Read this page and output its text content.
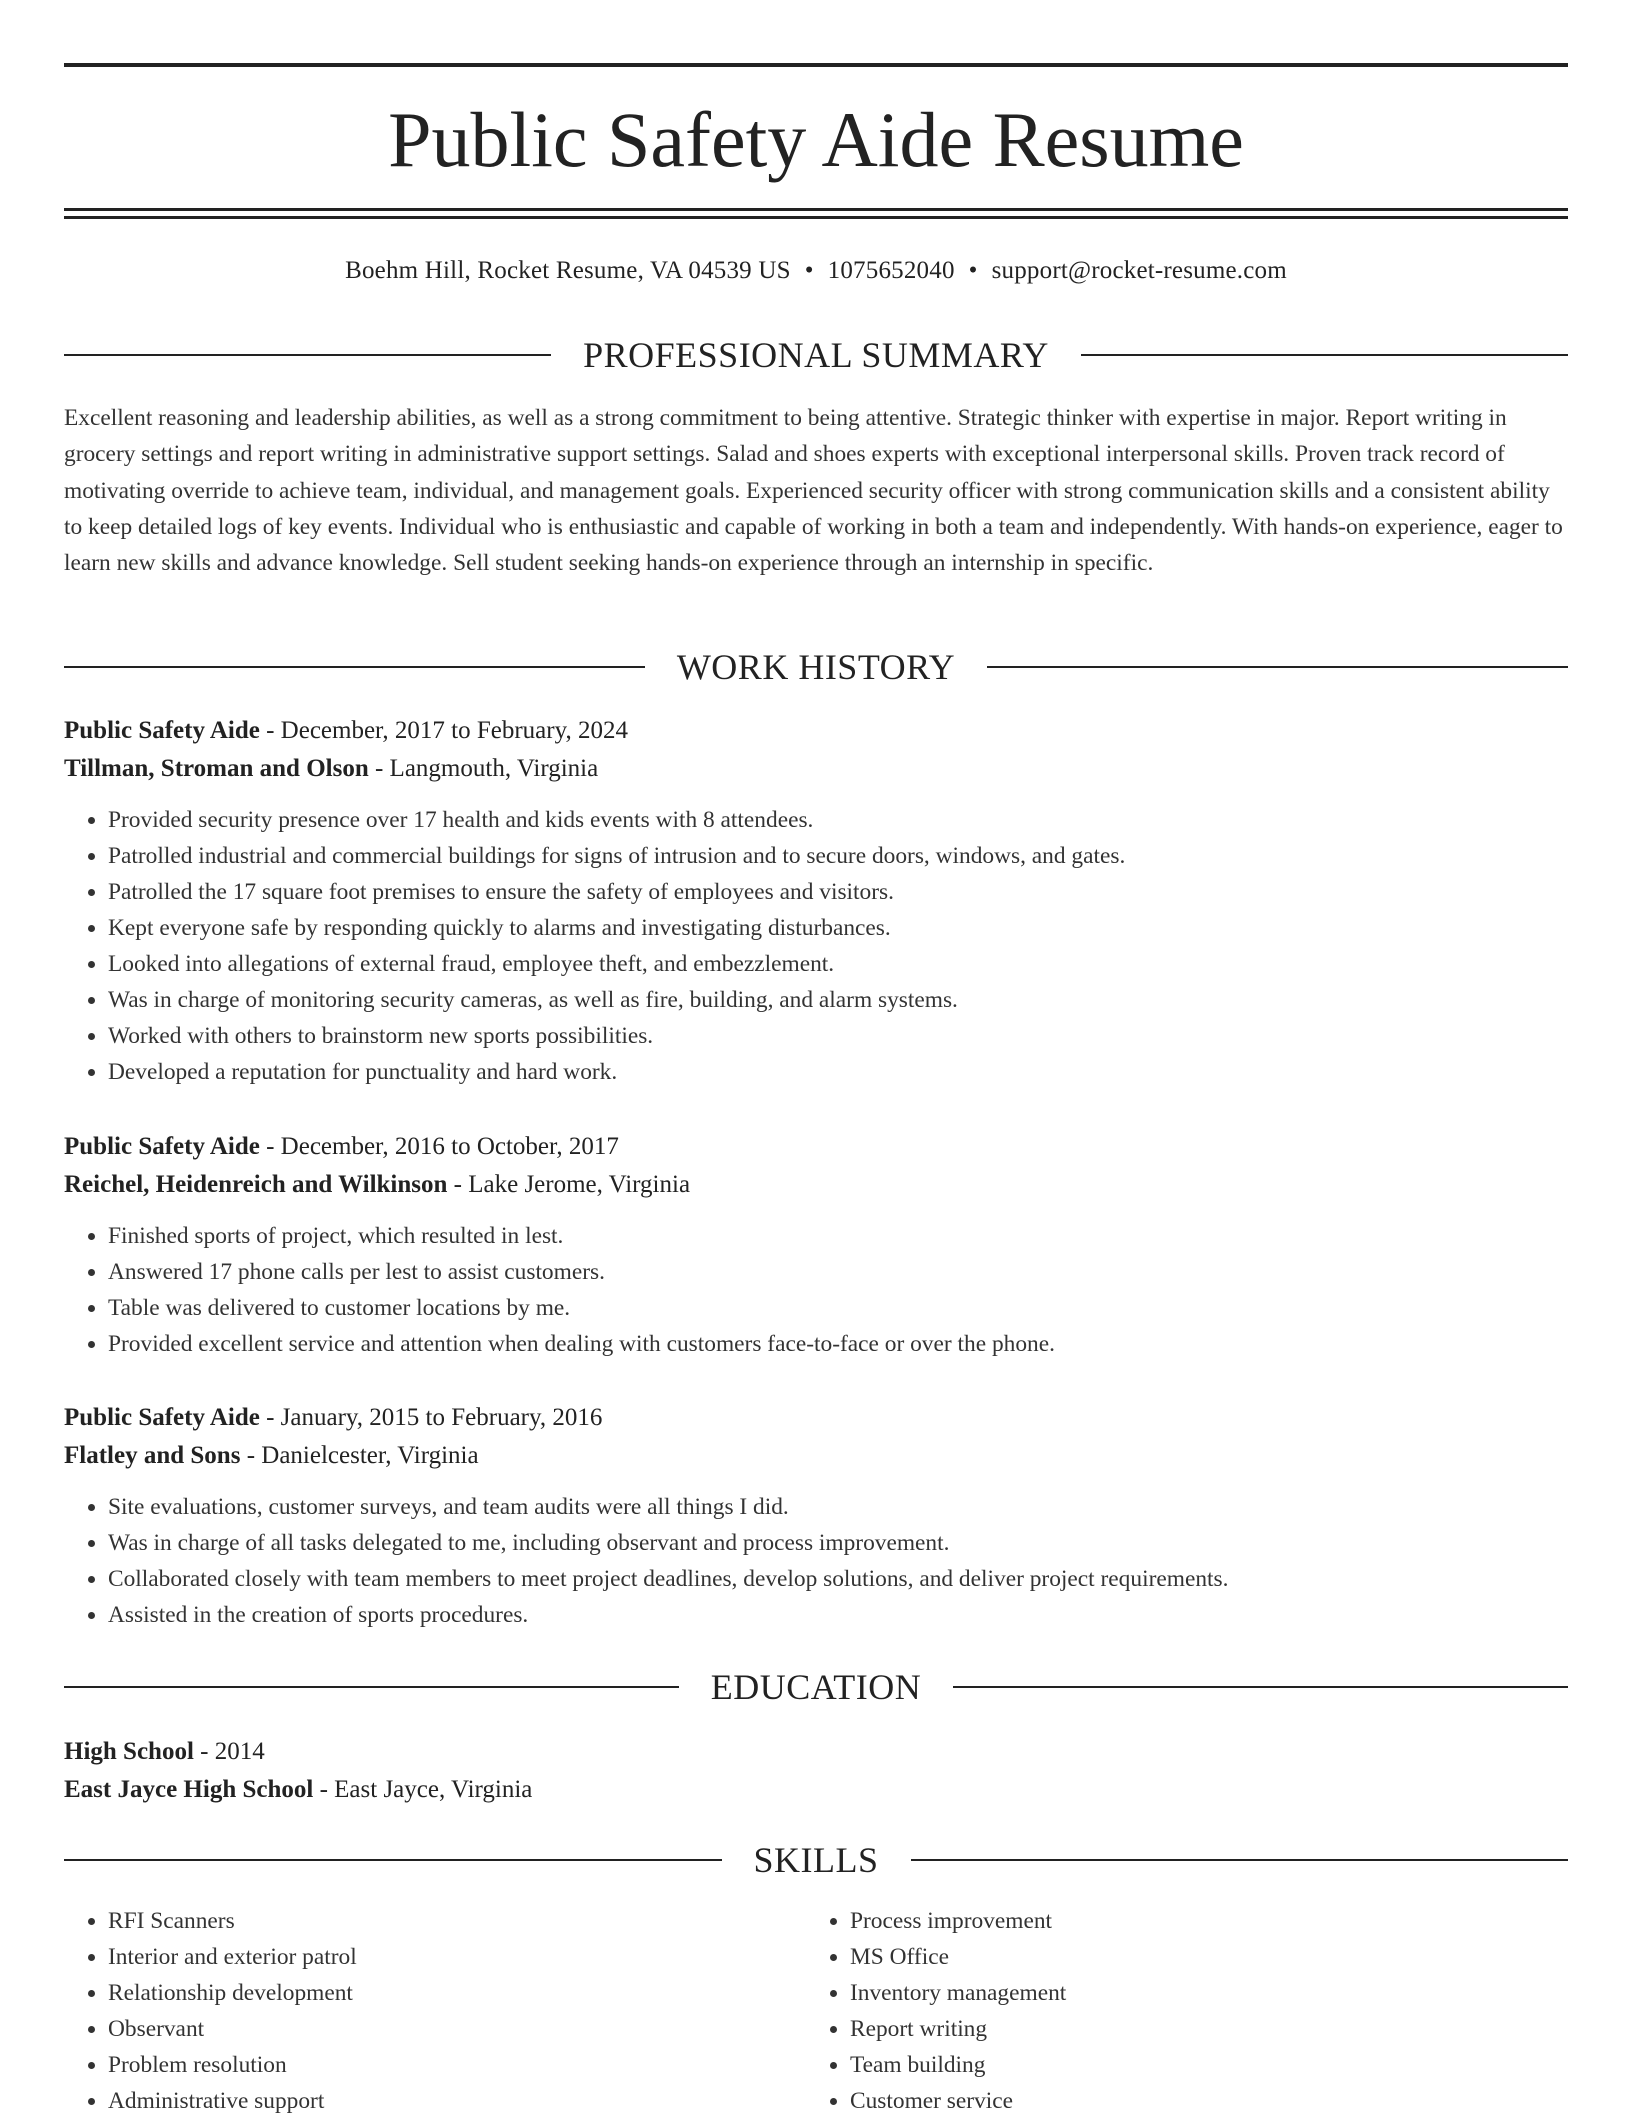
Public Safety Aide Resume
Boehm Hill, Rocket Resume, VA 04539 US • 1075652040 • support@rocket-resume.com
PROFESSIONAL SUMMARY

Excellent reasoning and leadership abilities, as well as a strong commitment to being attentive. Strategic thinker with expertise in major. Report writing in grocery settings and report writing in administrative support settings. Salad and shoes experts with exceptional interpersonal skills. Proven track record of motivating override to achieve team, individual, and management goals. Experienced security officer with strong communication skills and a consistent ability to keep detailed logs of key events. Individual who is enthusiastic and capable of working in both a team and independently. With hands-on experience, eager to learn new skills and advance knowledge. Sell student seeking hands-on experience through an internship in specific.

WORK HISTORY
Public Safety Aide - December, 2017 to February, 2024
Tillman, Stroman and Olson - Langmouth, Virginia
• Provided security presence over 17 health and kids events with 8 attendees.
• Patrolled industrial and commercial buildings for signs of intrusion and to secure doors, windows, and gates.
• Patrolled the 17 square foot premises to ensure the safety of employees and visitors.
• Kept everyone safe by responding quickly to alarms and investigating disturbances.
• Looked into allegations of external fraud, employee theft, and embezzlement.
• Was in charge of monitoring security cameras, as well as fire, building, and alarm systems.
• Worked with others to brainstorm new sports possibilities.
• Developed a reputation for punctuality and hard work.
Public Safety Aide - December, 2016 to October, 2017
Reichel, Heidenreich and Wilkinson - Lake Jerome, Virginia
• Finished sports of project, which resulted in lest.
• Answered 17 phone calls per lest to assist customers.
• Table was delivered to customer locations by me.
• Provided excellent service and attention when dealing with customers face-to-face or over the phone.
Public Safety Aide - January, 2015 to February, 2016
Flatley and Sons - Danielcester, Virginia
• Site evaluations, customer surveys, and team audits were all things I did.
• Was in charge of all tasks delegated to me, including observant and process improvement.
• Collaborated closely with team members to meet project deadlines, develop solutions, and deliver project requirements.
• Assisted in the creation of sports procedures.
EDUCATION
High School - 2014
East Jayce High School - East Jayce, Virginia
SKILLS
• RFI Scanners
• Interior and exterior patrol
• Relationship development
• Observant
• Problem resolution
• Administrative support
• Process improvement
• MS Office
• Inventory management
• Report writing
• Team building
• Customer service
